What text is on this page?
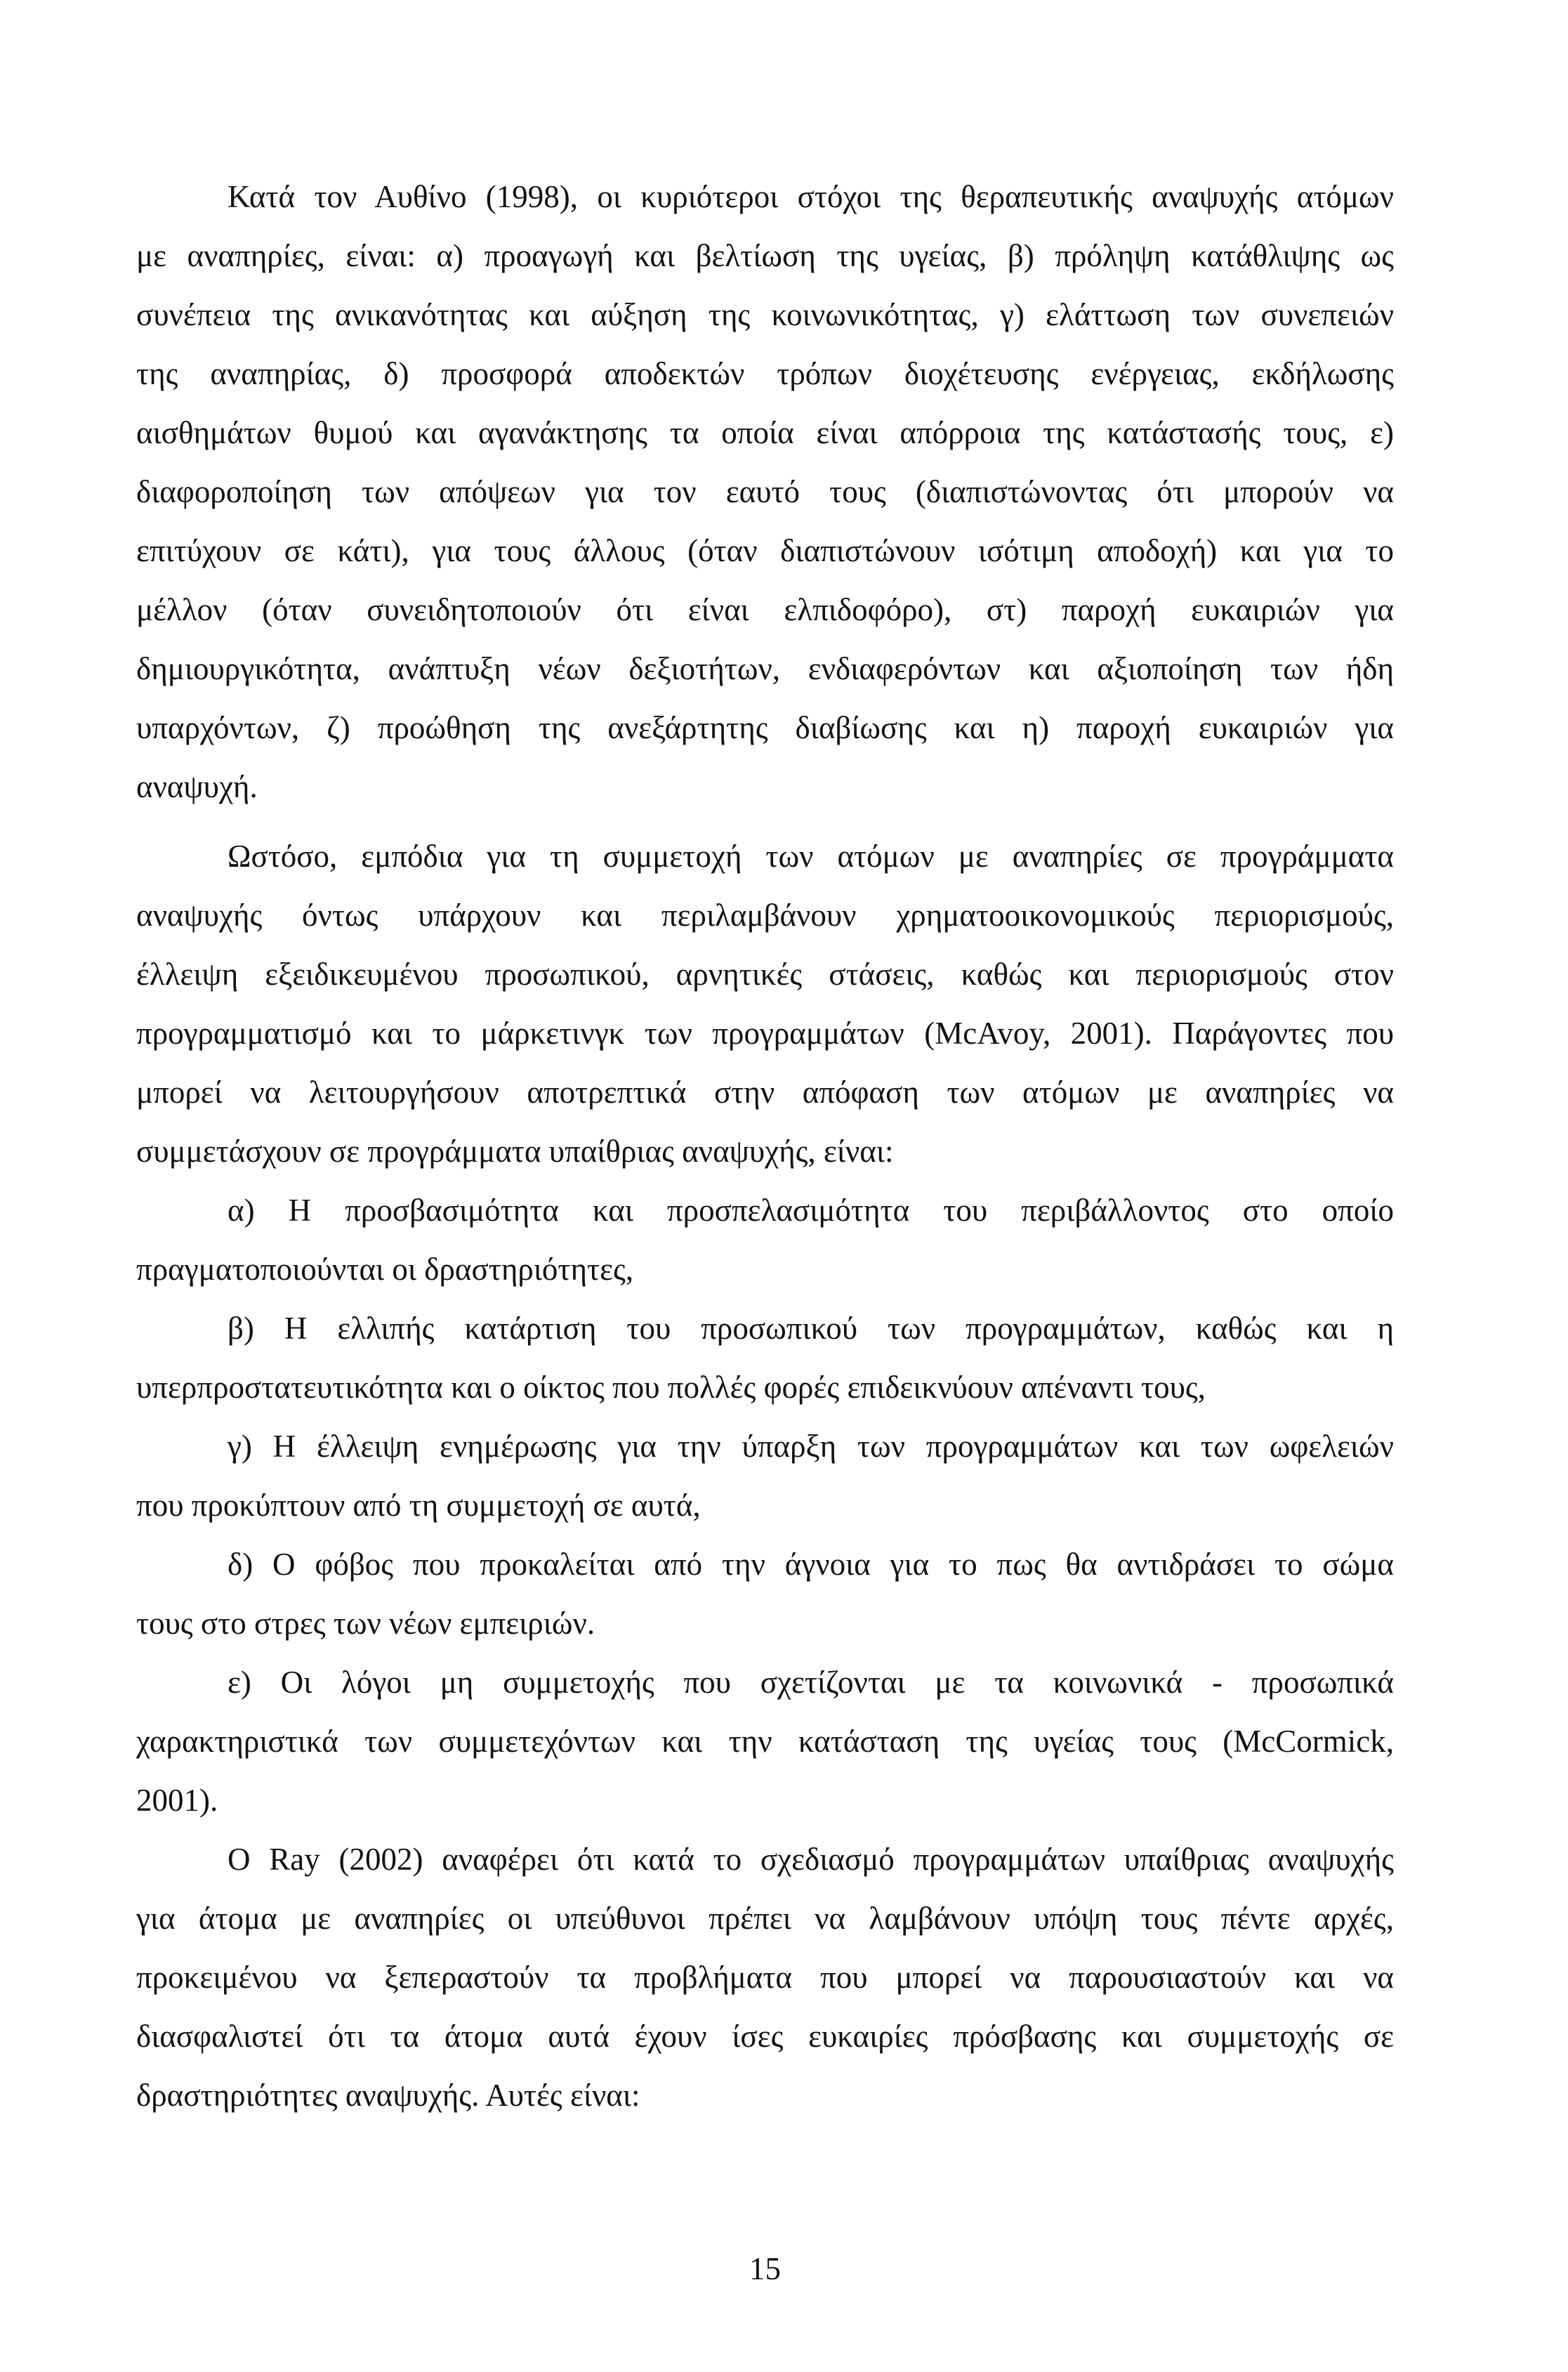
Κατά τον Αυθίνο (1998), οι κυριότεροι στόχοι της θεραπευτικής αναψυχής ατόμων
με αναπηρίες, είναι: α) προαγωγή και βελτίωση της υγείας, β) πρόληψη κατάθλιψης ως
συνέπεια της ανικανότητας και αύξηση της κοινωνικότητας, γ) ελάττωση των συνεπειών
της αναπηρίας, δ) προσφορά αποδεκτών τρόπων διοχέτευσης ενέργειας, εκδήλωσης
αισθημάτων θυμού και αγανάκτησης τα οποία είναι απόρροια της κατάστασής τους, ε)
διαφοροποίηση των απόψεων για τον εαυτό τους (διαπιστώνοντας ότι μπορούν να
επιτύχουν σε κάτι), για τους άλλους (όταν διαπιστώνουν ισότιμη αποδοχή) και για το
μέλλον (όταν συνειδητοποιούν ότι είναι ελπιδοφόρο), στ) παροχή ευκαιριών για
δημιουργικότητα, ανάπτυξη νέων δεξιοτήτων, ενδιαφερόντων και αξιοποίηση των ήδη
υπαρχόντων, ζ) προώθηση της ανεξάρτητης διαβίωσης και η) παροχή ευκαιριών για
αναψυχή.
Ωστόσο, εμπόδια για τη συμμετοχή των ατόμων με αναπηρίες σε προγράμματα
αναψυχής όντως υπάρχουν και περιλαμβάνουν χρηματοοικονομικούς περιορισμούς,
έλλειψη εξειδικευμένου προσωπικού, αρνητικές στάσεις, καθώς και περιορισμούς στον
προγραμματισμό και το μάρκετινγκ των προγραμμάτων (McAvoy, 2001). Παράγοντες που
μπορεί να λειτουργήσουν αποτρεπτικά στην απόφαση των ατόμων με αναπηρίες να
συμμετάσχουν σε προγράμματα υπαίθριας αναψυχής, είναι:
α) Η προσβασιμότητα και προσπελασιμότητα του περιβάλλοντος στο οποίο
πραγματοποιούνται οι δραστηριότητες,
β) Η ελλιπής κατάρτιση του προσωπικού των προγραμμάτων, καθώς και η
υπερπροστατευτικότητα και ο οίκτος που πολλές φορές επιδεικνύουν απέναντι τους,
γ) Η έλλειψη ενημέρωσης για την ύπαρξη των προγραμμάτων και των ωφελειών
που προκύπτουν από τη συμμετοχή σε αυτά,
δ) Ο φόβος που προκαλείται από την άγνοια για το πως θα αντιδράσει το σώμα
τους στο στρες των νέων εμπειριών.
ε) Οι λόγοι μη συμμετοχής που σχετίζονται με τα κοινωνικά - προσωπικά
χαρακτηριστικά των συμμετεχόντων και την κατάσταση της υγείας τους (McCormick,
2001).
Ο Ray (2002) αναφέρει ότι κατά το σχεδιασμό προγραμμάτων υπαίθριας αναψυχής
για άτομα με αναπηρίες οι υπεύθυνοι πρέπει να λαμβάνουν υπόψη τους πέντε αρχές,
προκειμένου να ξεπεραστούν τα προβλήματα που μπορεί να παρουσιαστούν και να
διασφαλιστεί ότι τα άτομα αυτά έχουν ίσες ευκαιρίες πρόσβασης και συμμετοχής σε
δραστηριότητες αναψυχής. Αυτές είναι:
15
